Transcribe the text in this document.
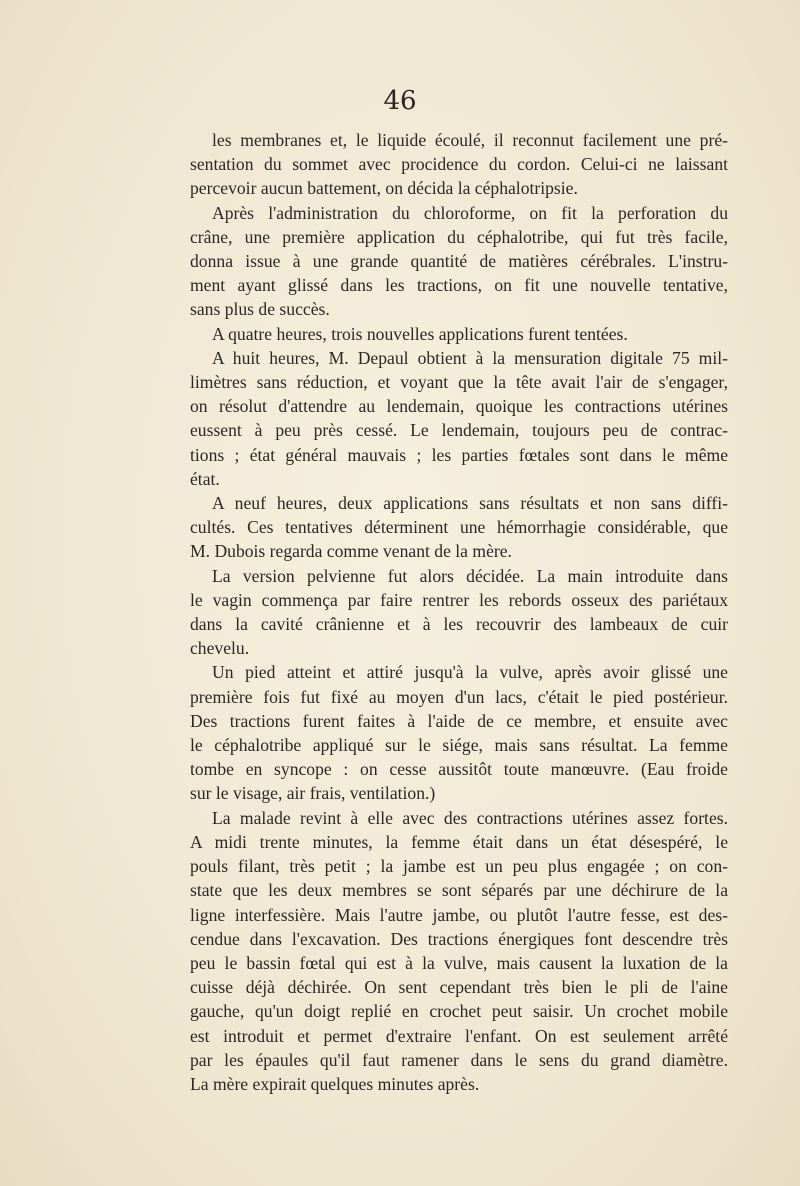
46

les membranes et, le liquide écoulé, il reconnut facilement une pré-

sentation du sommet avec procidence du cordon. Celui-ci ne laissant

percevoir aucun battement, on décida la céphalotripsie.

Après l'administration du chloroforme, on fit la perforation du

crâne, une première application du céphalotribe, qui fut très facile,

donna issue à une grande quantité de matières cérébrales. L'instru-

ment ayant glissé dans les tractions, on fit une nouvelle tentative,

sans plus de succès.

A quatre heures, trois nouvelles applications furent tentées.

A huit heures, M. Depaul obtient à la mensuration digitale 75 mil-

limètres sans réduction, et voyant que la tête avait l'air de s'engager,

on résolut d'attendre au lendemain, quoique les contractions utérines

eussent à peu près cessé. Le lendemain, toujours peu de contrac-

tions ; état général mauvais ; les parties fœtales sont dans le même

état.

A neuf heures, deux applications sans résultats et non sans diffi-

cultés. Ces tentatives déterminent une hémorrhagie considérable, que

M. Dubois regarda comme venant de la mère.

La version pelvienne fut alors décidée. La main introduite dans

le vagin commença par faire rentrer les rebords osseux des pariétaux

dans la cavité crânienne et à les recouvrir des lambeaux de cuir

chevelu.

Un pied atteint et attiré jusqu'à la vulve, après avoir glissé une

première fois fut fixé au moyen d'un lacs, c'était le pied postérieur.

Des tractions furent faites à l'aide de ce membre, et ensuite avec

le céphalotribe appliqué sur le siége, mais sans résultat. La femme

tombe en syncope : on cesse aussitôt toute manœuvre. (Eau froide

sur le visage, air frais, ventilation.)

La malade revint à elle avec des contractions utérines assez fortes.

A midi trente minutes, la femme était dans un état désespéré, le

pouls filant, très petit ; la jambe est un peu plus engagée ; on con-

state que les deux membres se sont séparés par une déchirure de la

ligne interfessière. Mais l'autre jambe, ou plutôt l'autre fesse, est des-

cendue dans l'excavation. Des tractions énergiques font descendre très

peu le bassin fœtal qui est à la vulve, mais causent la luxation de la

cuisse déjà déchirée. On sent cependant très bien le pli de l'aine

gauche, qu'un doigt replié en crochet peut saisir. Un crochet mobile

est introduit et permet d'extraire l'enfant. On est seulement arrêté

par les épaules qu'il faut ramener dans le sens du grand diamètre.

La mère expirait quelques minutes après.
